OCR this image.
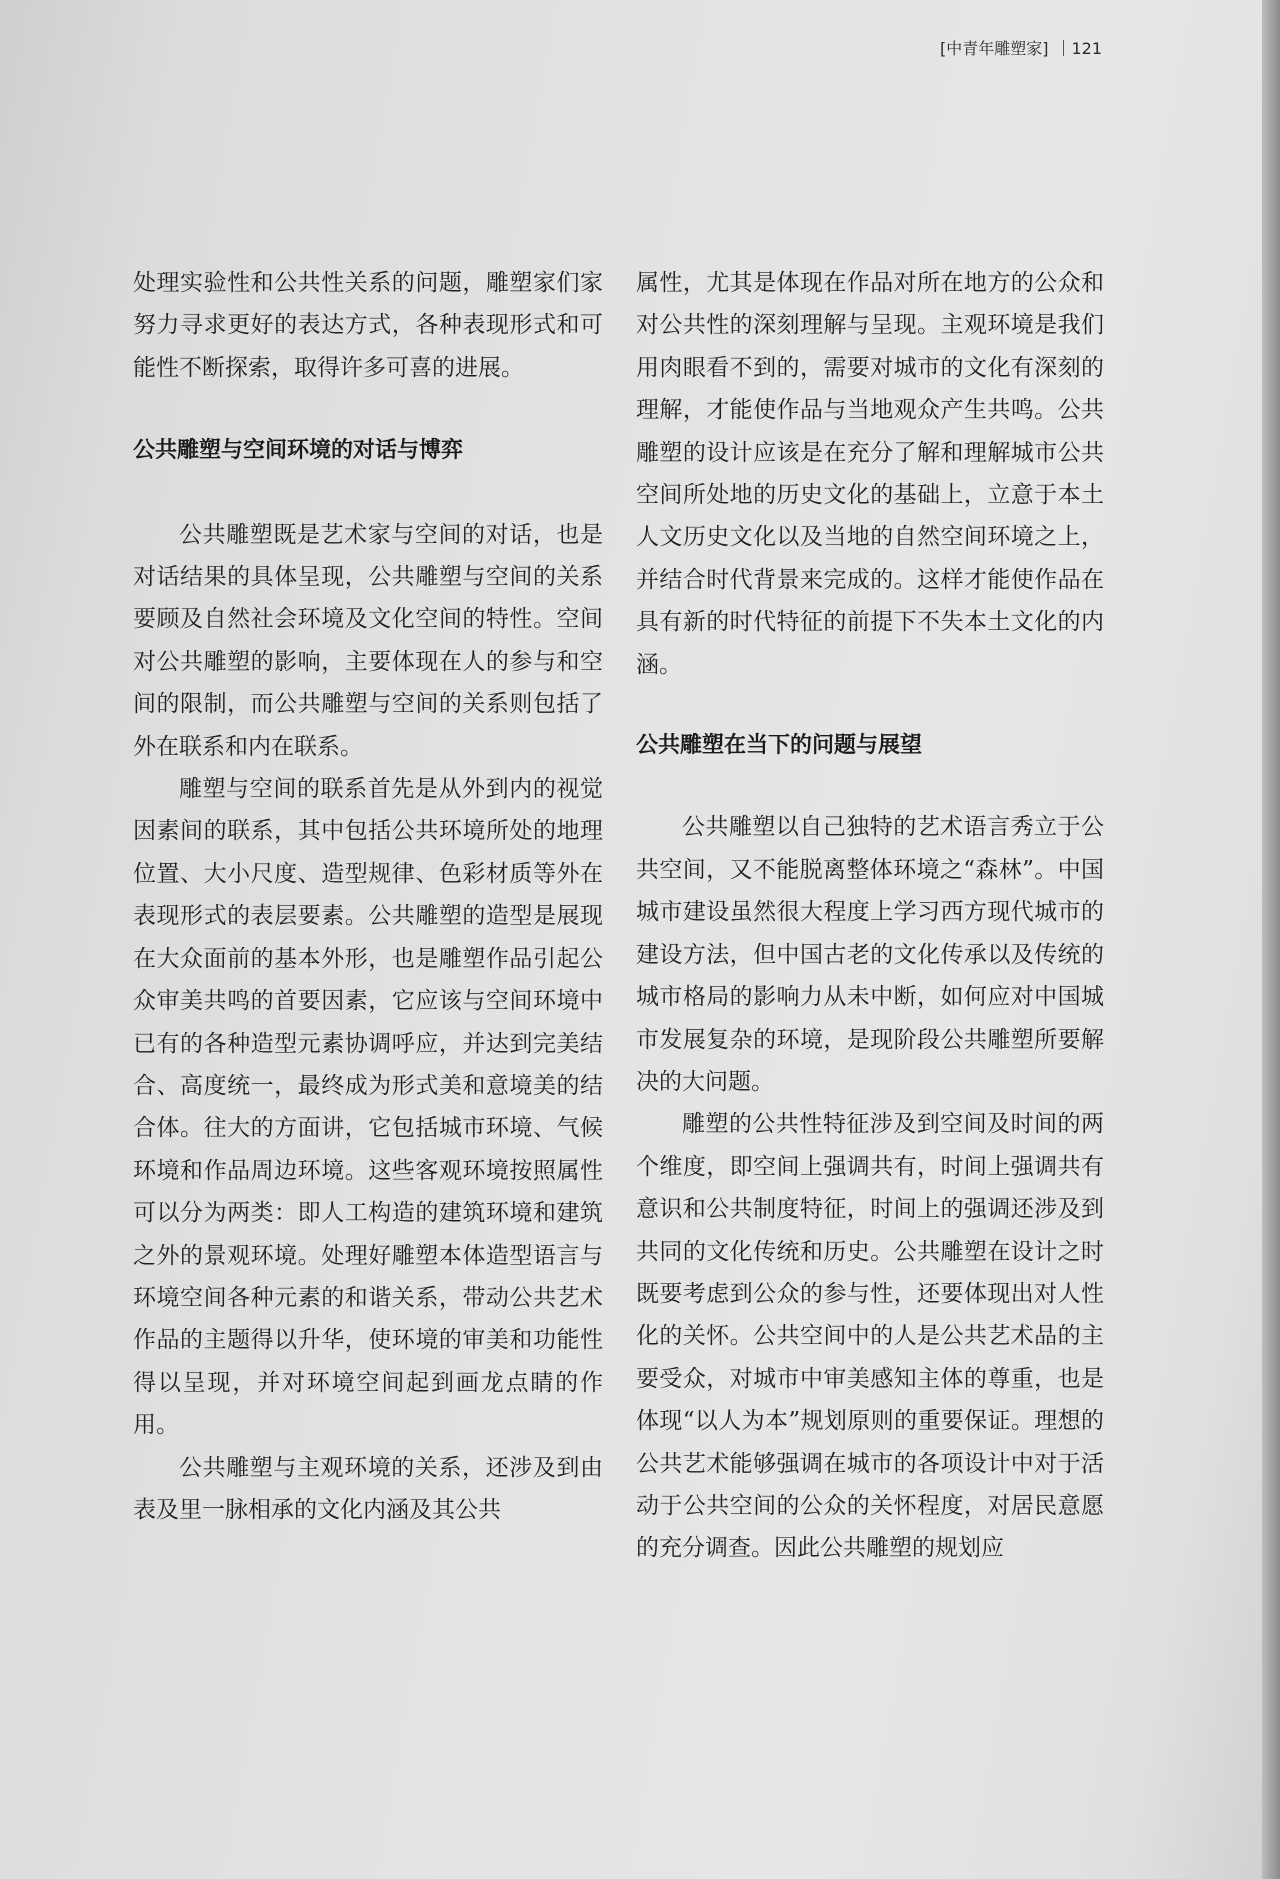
[中青年雕塑家] 121

处理实验性和公共性关系的问题，雕塑家们家努力寻求更好的表达方式，各种表现形式和可能性不断探索，取得许多可喜的进展。

公共雕塑与空间环境的对话与博弈

公共雕塑既是艺术家与空间的对话，也是对话结果的具体呈现，公共雕塑与空间的关系要顾及自然社会环境及文化空间的特性。空间对公共雕塑的影响，主要体现在人的参与和空间的限制，而公共雕塑与空间的关系则包括了外在联系和内在联系。

雕塑与空间的联系首先是从外到内的视觉因素间的联系，其中包括公共环境所处的地理位置、大小尺度、造型规律、色彩材质等外在表现形式的表层要素。公共雕塑的造型是展现在大众面前的基本外形，也是雕塑作品引起公众审美共鸣的首要因素，它应该与空间环境中已有的各种造型元素协调呼应，并达到完美结合、高度统一，最终成为形式美和意境美的结合体。往大的方面讲，它包括城市环境、气候环境和作品周边环境。这些客观环境按照属性可以分为两类：即人工构造的建筑环境和建筑之外的景观环境。处理好雕塑本体造型语言与环境空间各种元素的和谐关系，带动公共艺术作品的主题得以升华，使环境的审美和功能性得以呈现，并对环境空间起到画龙点睛的作用。

公共雕塑与主观环境的关系，还涉及到由表及里一脉相承的文化内涵及其公共

属性，尤其是体现在作品对所在地方的公众和对公共性的深刻理解与呈现。主观环境是我们用肉眼看不到的，需要对城市的文化有深刻的理解，才能使作品与当地观众产生共鸣。公共雕塑的设计应该是在充分了解和理解城市公共空间所处地的历史文化的基础上，立意于本土人文历史文化以及当地的自然空间环境之上，并结合时代背景来完成的。这样才能使作品在具有新的时代特征的前提下不失本土文化的内涵。

公共雕塑在当下的问题与展望

公共雕塑以自己独特的艺术语言秀立于公共空间，又不能脱离整体环境之“森林”。中国城市建设虽然很大程度上学习西方现代城市的建设方法，但中国古老的文化传承以及传统的城市格局的影响力从未中断，如何应对中国城市发展复杂的环境，是现阶段公共雕塑所要解决的大问题。

雕塑的公共性特征涉及到空间及时间的两个维度，即空间上强调共有，时间上强调共有意识和公共制度特征，时间上的强调还涉及到共同的文化传统和历史。公共雕塑在设计之时既要考虑到公众的参与性，还要体现出对人性化的关怀。公共空间中的人是公共艺术品的主要受众，对城市中审美感知主体的尊重，也是体现“以人为本”规划原则的重要保证。理想的公共艺术能够强调在城市的各项设计中对于活动于公共空间的公众的关怀程度，对居民意愿的充分调查。因此公共雕塑的规划应
